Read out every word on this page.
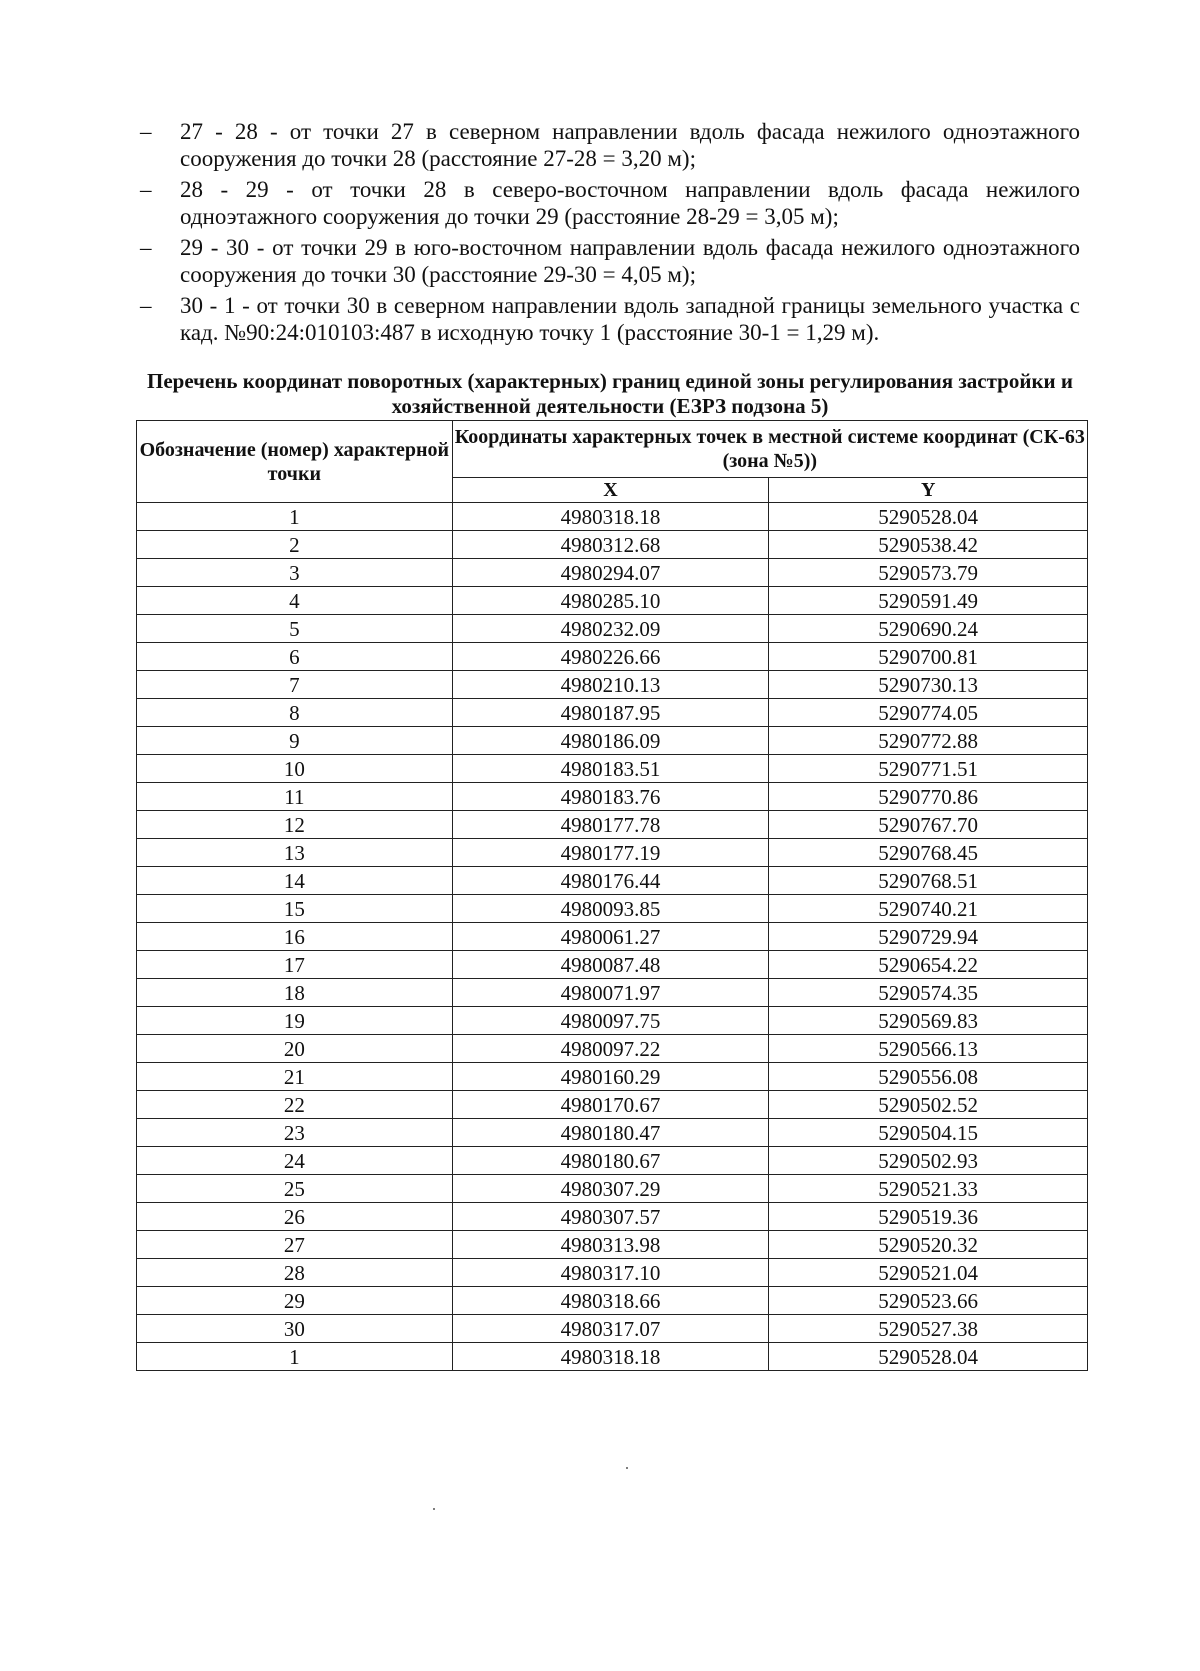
– 27 - 28 - от точки 27 в северном направлении вдоль фасада нежилого одноэтажного сооружения до точки 28 (расстояние 27-28 = 3,20 м);
– 28 - 29 - от точки 28 в северо-восточном направлении вдоль фасада нежилого одноэтажного сооружения до точки 29 (расстояние 28-29 = 3,05 м);
– 29 - 30 - от точки 29 в юго-восточном направлении вдоль фасада нежилого одноэтажного сооружения до точки 30 (расстояние 29-30 = 4,05 м);
– 30 - 1 - от точки 30 в северном направлении вдоль западной границы земельного участка с кад. №90:24:010103:487 в исходную точку 1 (расстояние 30-1 = 1,29 м).

Перечень координат поворотных (характерных) границ единой зоны регулирования застройки и хозяйственной деятельности (ЕЗРЗ подзона 5)

Обозначение (номер) характерной точки	Координаты характерных точек в местной системе координат (СК-63 (зона №5))	
	X	Y
1	4980318.18	5290528.04
2	4980312.68	5290538.42
3	4980294.07	5290573.79
4	4980285.10	5290591.49
5	4980232.09	5290690.24
6	4980226.66	5290700.81
7	4980210.13	5290730.13
8	4980187.95	5290774.05
9	4980186.09	5290772.88
10	4980183.51	5290771.51
11	4980183.76	5290770.86
12	4980177.78	5290767.70
13	4980177.19	5290768.45
14	4980176.44	5290768.51
15	4980093.85	5290740.21
16	4980061.27	5290729.94
17	4980087.48	5290654.22
18	4980071.97	5290574.35
19	4980097.75	5290569.83
20	4980097.22	5290566.13
21	4980160.29	5290556.08
22	4980170.67	5290502.52
23	4980180.47	5290504.15
24	4980180.67	5290502.93
25	4980307.29	5290521.33
26	4980307.57	5290519.36
27	4980313.98	5290520.32
28	4980317.10	5290521.04
29	4980318.66	5290523.66
30	4980317.07	5290527.38
1	4980318.18	5290528.04
